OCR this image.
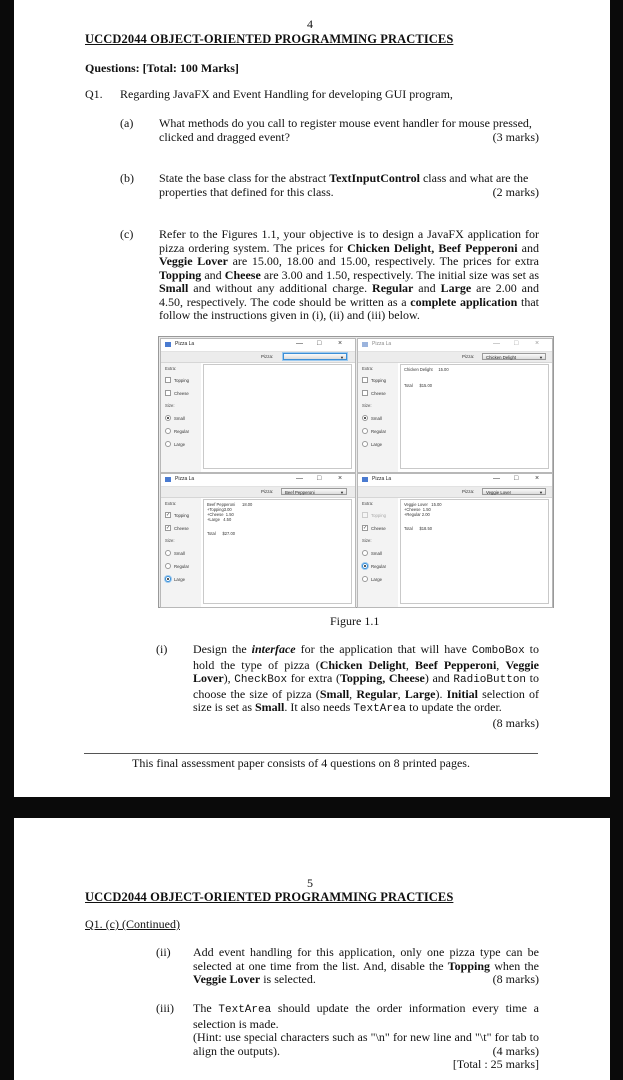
4
UCCD2044 OBJECT-ORIENTED PROGRAMMING PRACTICES
Questions: [Total: 100 Marks]
Q1. Regarding JavaFX and Event Handling for developing GUI program,
(a) What methods do you call to register mouse event handler for mouse pressed,
clicked and dragged event?	(3 marks)
(b) State the base class for the abstract TextInputControl class and what are the
properties that defined for this class.	(2 marks)
(c) Refer to the Figures 1.1, your objective is to design a JavaFX application for pizza ordering system. The prices for Chicken Delight, Beef Pepperoni and Veggie Lover are 15.00, 18.00 and 15.00, respectively. The prices for extra Topping and Cheese are 3.00 and 1.50, respectively. The initial size was set as Small and without any additional charge. Regular and Large are 2.00 and 4.50, respectively. The code should be written as a complete application that follow the instructions given in (i), (ii) and (iii) below.
Pizza La	— □ ×
Pizza:	▼
Extra:
Topping
Cheese
Size:
Small
Regular
Large
Pizza La	— □ ×
Pizza:	Chicken Delight	▼
Extra:
Topping
Cheese
Size:
Small
Regular
Large
Chicken Delight     15.00
Total      $15.00
Pizza La	— □ ×
Pizza:	Beef Pepperoni	▼
Extra:
✓ Topping
✓ Cheese
Size:
Small
Regular
Large
Beef Pepperoni      18.00
+Topping3.00
+Cheese  1.50
+Large   4.50
Total      $27.00
Pizza La	— □ ×
Pizza:	Veggie Lover	▼
Extra:
Topping
✓ Cheese
Size:
Small
Regular
Large
Veggie Lover   15.00
+Cheese  1.50
+Regular 2.00
Total      $18.50
Figure 1.1
(i) Design the interface for the application that will have ComboBox to hold the type of pizza (Chicken Delight, Beef Pepperoni, Veggie Lover), CheckBox for extra (Topping, Cheese) and RadioButton to choose the size of pizza (Small, Regular, Large). Initial selection of size is set as Small. It also needs TextArea to update the order.
(8 marks)
This final assessment paper consists of 4 questions on 8 printed pages.
5
UCCD2044 OBJECT-ORIENTED PROGRAMMING PRACTICES
Q1. (c) (Continued)
(ii) Add event handling for this application, only one pizza type can be selected at one time from the list. And, disable the Topping when the Veggie Lover is selected.	(8 marks)
(iii) The TextArea should update the order information every time a selection is made.
(Hint: use special characters such as "\n" for new line and "\t" for tab to align the outputs).	(4 marks)
[Total : 25 marks]
